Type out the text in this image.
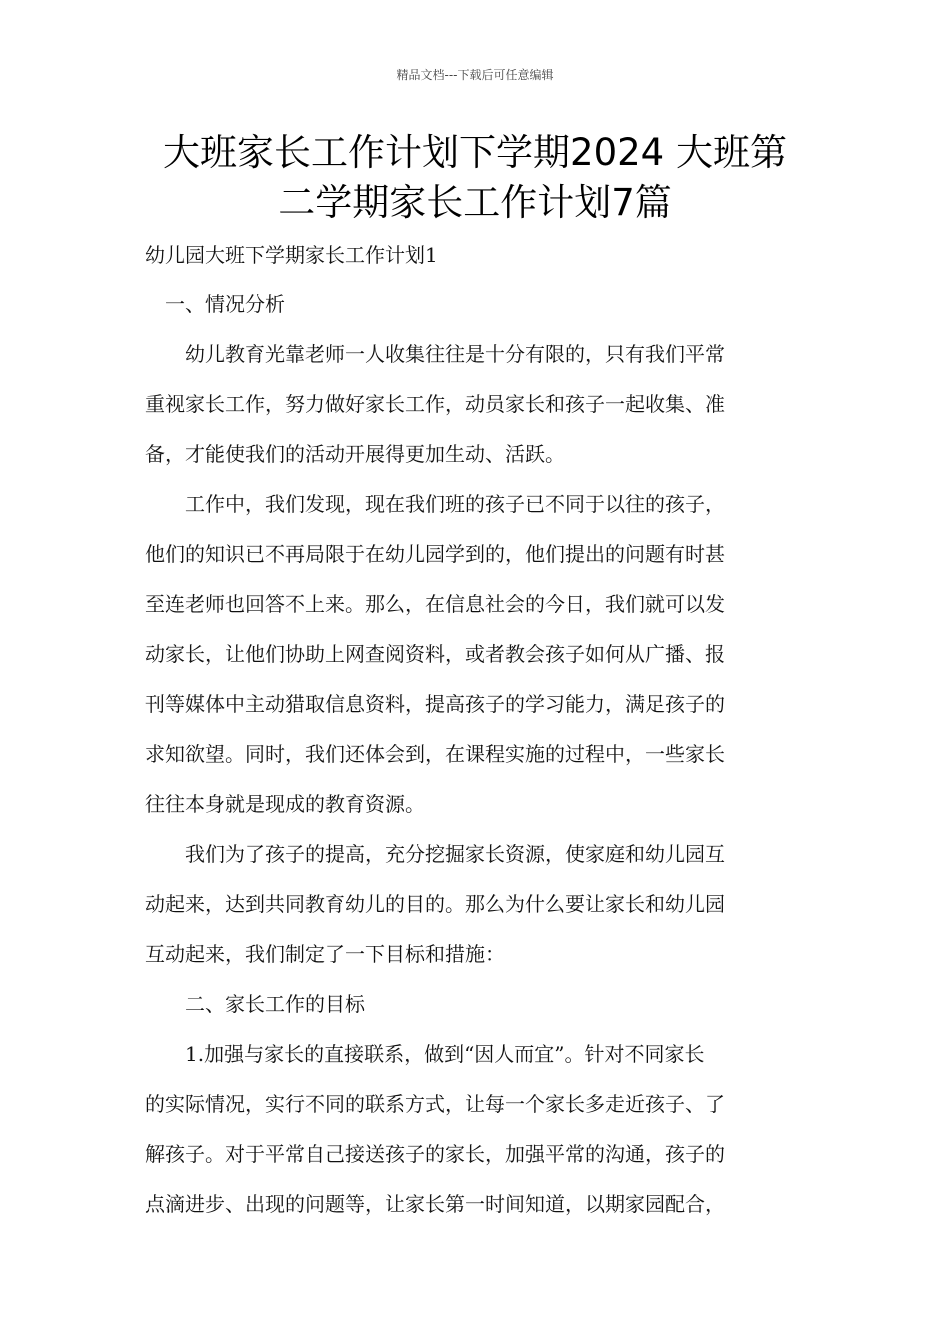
精品文档---下载后可任意编辑
大班家长工作计划下学期2024 大班第
二学期家长工作计划7篇
幼儿园大班下学期家长工作计划1
一、情况分析
　　幼儿教育光靠老师一人收集往往是十分有限的，只有我们平常
重视家长工作，努力做好家长工作，动员家长和孩子一起收集、准
备，才能使我们的活动开展得更加生动、活跃。
　　工作中，我们发现，现在我们班的孩子已不同于以往的孩子，
他们的知识已不再局限于在幼儿园学到的，他们提出的问题有时甚
至连老师也回答不上来。那么，在信息社会的今日，我们就可以发
动家长，让他们协助上网查阅资料，或者教会孩子如何从广播、报
刊等媒体中主动猎取信息资料，提高孩子的学习能力，满足孩子的
求知欲望。同时，我们还体会到，在课程实施的过程中，一些家长
往往本身就是现成的教育资源。
　　我们为了孩子的提高，充分挖掘家长资源，使家庭和幼儿园互
动起来，达到共同教育幼儿的目的。那么为什么要让家长和幼儿园
互动起来，我们制定了一下目标和措施：
　　二、家长工作的目标
　　1.加强与家长的直接联系，做到“因人而宜”。针对不同家长
的实际情况，实行不同的联系方式，让每一个家长多走近孩子、了
解孩子。对于平常自己接送孩子的家长，加强平常的沟通，孩子的
点滴进步、出现的问题等，让家长第一时间知道，以期家园配合，
